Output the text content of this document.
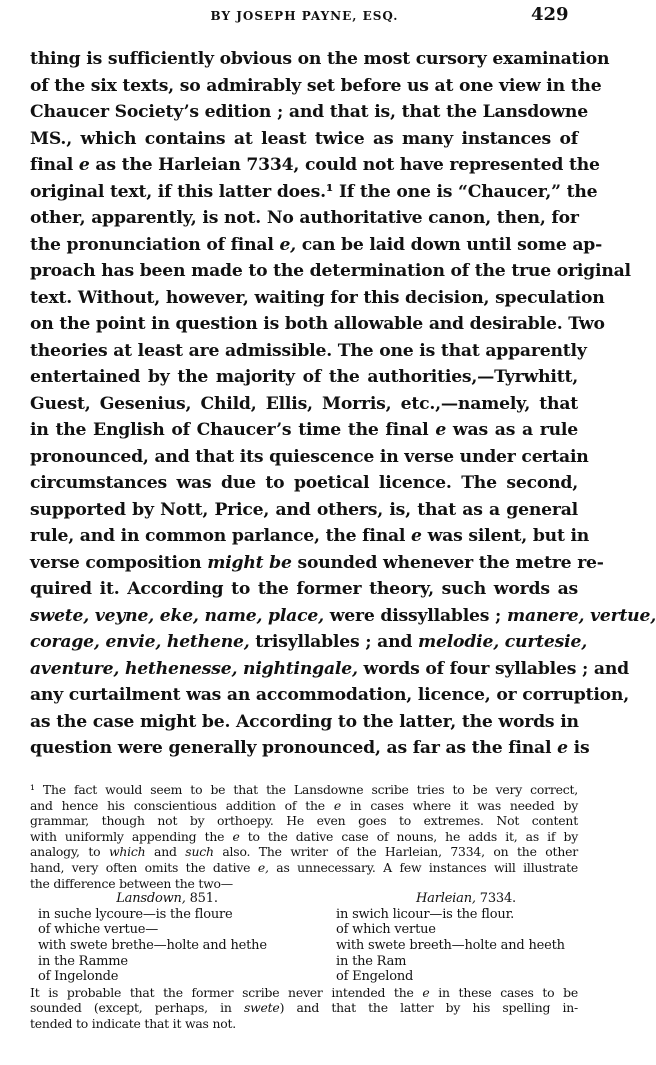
BY JOSEPH PAYNE, ESQ.	429
thing is sufficiently obvious on the most cursory examination
of the six texts, so admirably set before us at one view in the
Chaucer Society’s edition ; and that is, that the Lansdowne
MS., which contains at least twice as many instances of
final e as the Harleian 7334, could not have represented the
original text, if this latter does.¹ If the one is “Chaucer,” the
other, apparently, is not. No authoritative canon, then, for
the pronunciation of final e, can be laid down until some ap-
proach has been made to the determination of the true original
text. Without, however, waiting for this decision, speculation
on the point in question is both allowable and desirable. Two
theories at least are admissible. The one is that apparently
entertained by the majority of the authorities,—Tyrwhitt,
Guest, Gesenius, Child, Ellis, Morris, etc.,—namely, that
in the English of Chaucer’s time the final e was as a rule
pronounced, and that its quiescence in verse under certain
circumstances was due to poetical licence. The second,
supported by Nott, Price, and others, is, that as a general
rule, and in common parlance, the final e was silent, but in
verse composition might be sounded whenever the metre re-
quired it. According to the former theory, such words as
swete, veyne, eke, name, place, were dissyllables ; manere, vertue,
corage, envie, hethene, trisyllables ; and melodie, curtesie,
aventure, hethenesse, nightingale, words of four syllables ; and
any curtailment was an accommodation, licence, or corruption,
as the case might be. According to the latter, the words in
question were generally pronounced, as far as the final e is
¹ The fact would seem to be that the Lansdowne scribe tries to be very correct,
and hence his conscientious addition of the e in cases where it was needed by
grammar, though not by orthoepy. He even goes to extremes. Not content
with uniformly appending the e to the dative case of nouns, he adds it, as if by
analogy, to which and such also. The writer of the Harleian, 7334, on the other
hand, very often omits the dative e, as unnecessary. A few instances will illustrate
the difference between the two—
Lansdown, 851.
in suche lycoure—is the floure
of whiche vertue—
with swete brethe—holte and hethe
in the Ramme
of Ingelonde
Harleian, 7334.
in swich licour—is the flour.
of which vertue
with swete breeth—holte and heeth
in the Ram
of Engelond
It is probable that the former scribe never intended the e in these cases to be
sounded (except, perhaps, in swete) and that the latter by his spelling in-
tended to indicate that it was not.
